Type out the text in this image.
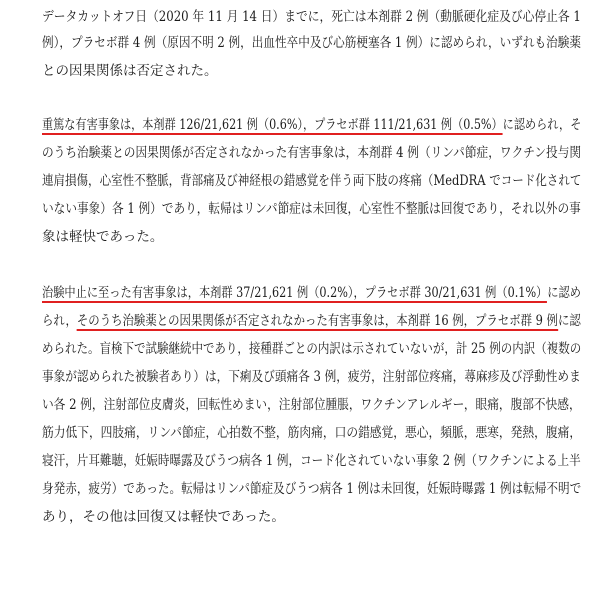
データカットオフ日（2020 年 11 月 14 日）までに，死亡は本剤群 2 例（動脈硬化症及び心停止各 1
例），プラセボ群 4 例（原因不明 2 例，出血性卒中及び心筋梗塞各 1 例）に認められ，いずれも治験薬
との因果関係は否定された。
重篤な有害事象は，本剤群 126/21,621 例（0.6%），プラセボ群 111/21,631 例（0.5%）に認められ，そ
のうち治験薬との因果関係が否定されなかった有害事象は，本剤群 4 例（リンパ節症，ワクチン投与関
連肩損傷，心室性不整脈，背部痛及び神経根の錯感覚を伴う両下肢の疼痛（MedDRA でコード化されて
いない事象）各 1 例）であり，転帰はリンパ節症は未回復，心室性不整脈は回復であり，それ以外の事
象は軽快であった。
治験中止に至った有害事象は，本剤群 37/21,621 例（0.2%），プラセボ群 30/21,631 例（0.1%）に認め
られ，そのうち治験薬との因果関係が否定されなかった有害事象は，本剤群 16 例，プラセボ群 9 例に認
められた。盲検下で試験継続中であり，接種群ごとの内訳は示されていないが，計 25 例の内訳（複数の
事象が認められた被験者あり）は，下痢及び頭痛各 3 例，疲労，注射部位疼痛，蕁麻疹及び浮動性めま
い各 2 例，注射部位皮膚炎，回転性めまい，注射部位腫脹，ワクチンアレルギー，眼痛，腹部不快感，
筋力低下，四肢痛，リンパ節症，心拍数不整，筋肉痛，口の錯感覚，悪心，頻脈，悪寒，発熱，腹痛，
寝汗，片耳難聴，妊娠時曝露及びうつ病各 1 例，コード化されていない事象 2 例（ワクチンによる上半
身発赤，疲労）であった。転帰はリンパ節症及びうつ病各 1 例は未回復，妊娠時曝露 1 例は転帰不明で
あり，その他は回復又は軽快であった。
